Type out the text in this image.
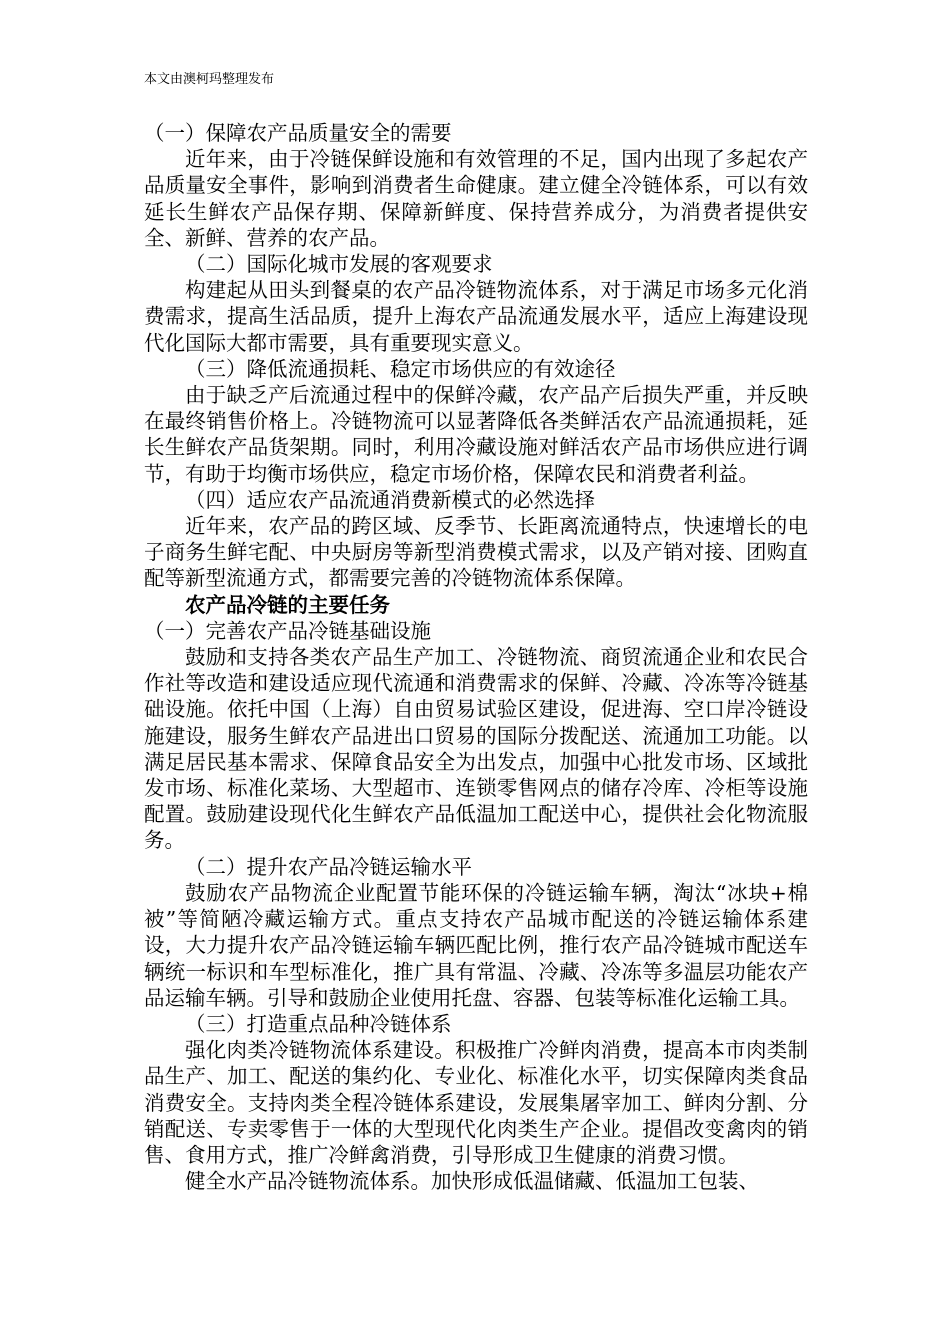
本文由澳柯玛整理发布

（一）保障农产品质量安全的需要

近年来，由于冷链保鲜设施和有效管理的不足，国内出现了多起农产品质量安全事件，影响到消费者生命健康。建立健全冷链体系，可以有效延长生鲜农产品保存期、保障新鲜度、保持营养成分，为消费者提供安全、新鲜、营养的农产品。

（二）国际化城市发展的客观要求

构建起从田头到餐桌的农产品冷链物流体系，对于满足市场多元化消费需求，提高生活品质，提升上海农产品流通发展水平，适应上海建设现代化国际大都市需要，具有重要现实意义。

（三）降低流通损耗、稳定市场供应的有效途径

由于缺乏产后流通过程中的保鲜冷藏，农产品产后损失严重，并反映在最终销售价格上。冷链物流可以显著降低各类鲜活农产品流通损耗，延长生鲜农产品货架期。同时，利用冷藏设施对鲜活农产品市场供应进行调节，有助于均衡市场供应，稳定市场价格，保障农民和消费者利益。

（四）适应农产品流通消费新模式的必然选择

近年来，农产品的跨区域、反季节、长距离流通特点，快速增长的电子商务生鲜宅配、中央厨房等新型消费模式需求，以及产销对接、团购直配等新型流通方式，都需要完善的冷链物流体系保障。

农产品冷链的主要任务

（一）完善农产品冷链基础设施

鼓励和支持各类农产品生产加工、冷链物流、商贸流通企业和农民合作社等改造和建设适应现代流通和消费需求的保鲜、冷藏、冷冻等冷链基础设施。依托中国（上海）自由贸易试验区建设，促进海、空口岸冷链设施建设，服务生鲜农产品进出口贸易的国际分拨配送、流通加工功能。以满足居民基本需求、保障食品安全为出发点，加强中心批发市场、区域批发市场、标准化菜场、大型超市、连锁零售网点的储存冷库、冷柜等设施配置。鼓励建设现代化生鲜农产品低温加工配送中心，提供社会化物流服务。

（二）提升农产品冷链运输水平

鼓励农产品物流企业配置节能环保的冷链运输车辆，淘汰“冰块+棉被”等简陋冷藏运输方式。重点支持农产品城市配送的冷链运输体系建设，大力提升农产品冷链运输车辆匹配比例，推行农产品冷链城市配送车辆统一标识和车型标准化，推广具有常温、冷藏、冷冻等多温层功能农产品运输车辆。引导和鼓励企业使用托盘、容器、包装等标准化运输工具。

（三）打造重点品种冷链体系

强化肉类冷链物流体系建设。积极推广冷鲜肉消费，提高本市肉类制品生产、加工、配送的集约化、专业化、标准化水平，切实保障肉类食品消费安全。支持肉类全程冷链体系建设，发展集屠宰加工、鲜肉分割、分销配送、专卖零售于一体的大型现代化肉类生产企业。提倡改变禽肉的销售、食用方式，推广冷鲜禽消费，引导形成卫生健康的消费习惯。

健全水产品冷链物流体系。加快形成低温储藏、低温加工包装、
